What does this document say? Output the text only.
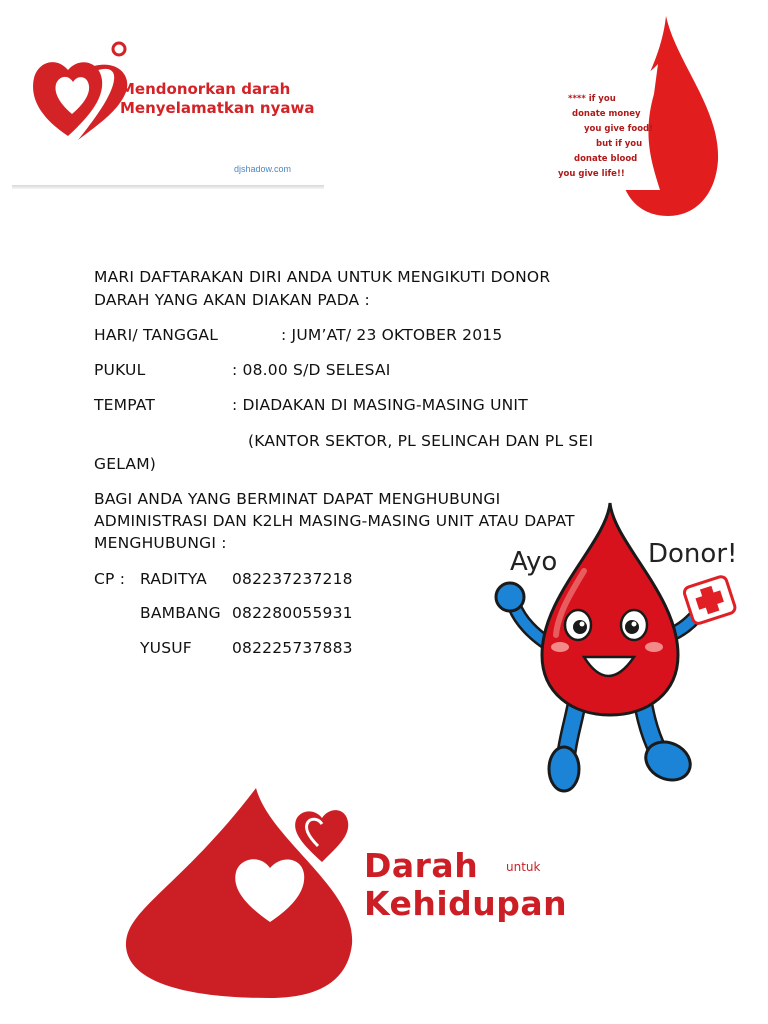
Mendonorkan darah
Menyelamatkan nyawa
djshadow.com
**** if you
donate money
you give food!
but if you
donate blood
you give life!!
MARI DAFTARAKAN DIRI ANDA UNTUK MENGIKUTI DONOR
DARAH YANG AKAN DIAKAN PADA :
HARI/ TANGGAL	: JUM’AT/ 23 OKTOBER 2015
PUKUL	: 08.00 S/D SELESAI
TEMPAT	: DIADAKAN DI MASING-MASING UNIT
(KANTOR SEKTOR, PL SELINCAH DAN PL SEI
GELAM)
BAGI ANDA YANG BERMINAT DAPAT MENGHUBUNGI
ADMINISTRASI DAN K2LH MASING-MASING UNIT ATAU DAPAT
MENGHUBUNGI :
CP : RADITYA 082237237218
BAMBANG 082280055931
YUSUF	082225737883
Ayo	Donor!
Darah untuk
Kehidupan
